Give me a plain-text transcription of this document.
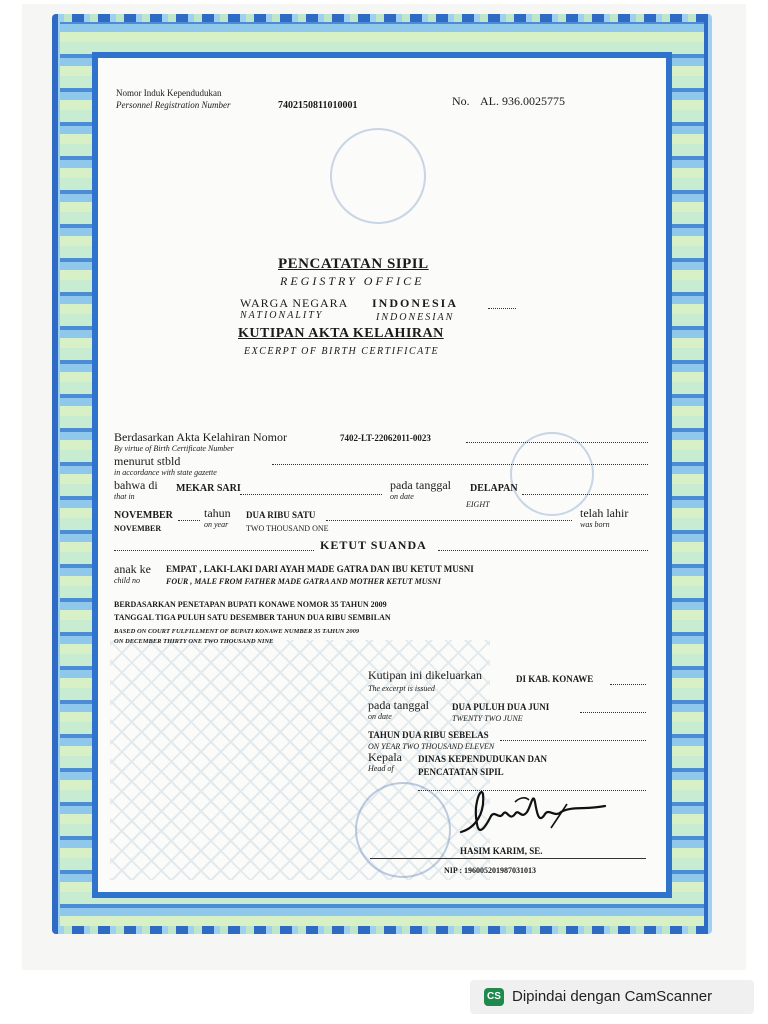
Nomor Induk Kependudukan
Personnel Registration Number	7402150811010001	No. AL. 936.0025775
PENCATATAN SIPIL
REGISTRY OFFICE
WARGA NEGARA INDONESIA
NATIONALITY	INDONESIAN
KUTIPAN AKTA KELAHIRAN
EXCERPT OF BIRTH CERTIFICATE
Berdasarkan Akta Kelahiran Nomor
By virtue of Birth Certificate Number
7402-LT-22062011-0023
menurut stbld
in accordance with state gazette
bahwa di
that in
MEKAR SARI	pada tanggal
on date
DELAPAN
EIGHT
NOVEMBER
NOVEMBER
tahun
on year
DUA RIBU SATU
TWO THOUSAND ONE
telah lahir
was born
KETUT SUANDA
anak ke
child no
EMPAT , LAKI-LAKI DARI AYAH MADE GATRA DAN IBU KETUT MUSNI
FOUR , MALE FROM FATHER MADE GATRA AND MOTHER KETUT MUSNI
BERDASARKAN PENETAPAN BUPATI KONAWE NOMOR 35 TAHUN 2009
TANGGAL TIGA PULUH SATU DESEMBER TAHUN DUA RIBU SEMBILAN
BASED ON COURT FULFILLMENT OF BUPATI KONAWE NUMBER 35 TAHUN 2009
ON DECEMBER THIRTY ONE TWO THOUSAND NINE
Kutipan ini dikeluarkan
The excerpt is issued
DI KAB. KONAWE
pada tanggal
on date
DUA PULUH DUA JUNI
TWENTY TWO JUNE
TAHUN DUA RIBU SEBELAS
ON YEAR TWO THOUSAND ELEVEN
Kepala
Head of
DINAS KEPENDUDUKAN DAN
PENCATATAN SIPIL
HASIM KARIM, SE.
NIP : 196005201987031013
CS Dipindai dengan CamScanner
